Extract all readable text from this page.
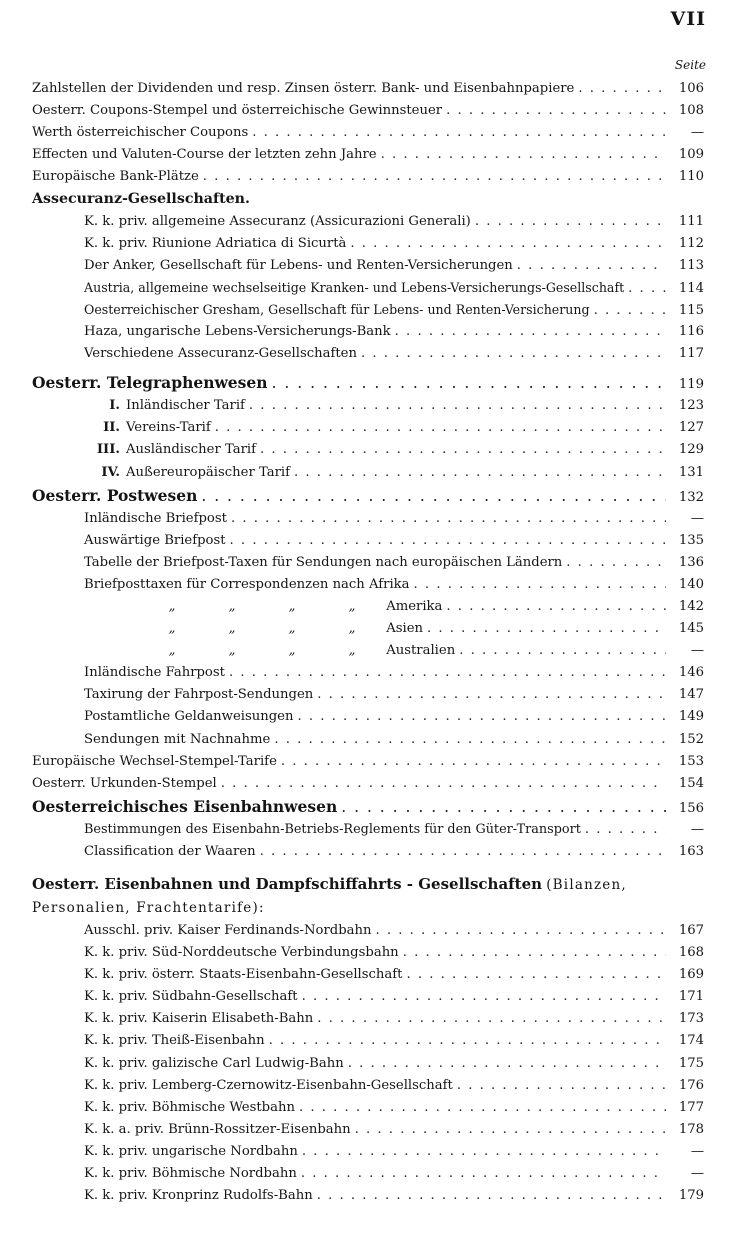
VII
Seite
Zahlstellen der Dividenden und resp. Zinsen österr. Bank- und Eisenbahnpapiere . . .	106
Oesterr. Coupons-Stempel und österreichische Gewinnsteuer . . .	108
Werth österreichischer Coupons . . .	—
Effecten und Valuten-Course der letzten zehn Jahre . . .	109
Europäische Bank-Plätze . . .	110
Assecuranz-Gesellschaften.
K. k. priv. allgemeine Assecuranz (Assicurazioni Generali) . . .	111
K. k. priv. Riunione Adriatica di Sicurtà . . .	112
Der Anker, Gesellschaft für Lebens- und Renten-Versicherungen . . .	113
Austria, allgemeine wechselseitige Kranken- und Lebens-Versicherungs-Gesellschaft . . .	114
Oesterreichischer Gresham, Gesellschaft für Lebens- und Renten-Versicherung . . .	115
Haza, ungarische Lebens-Versicherungs-Bank . . .	116
Verschiedene Assecuranz-Gesellschaften . . .	117
Oesterr. Telegraphenwesen . . .	119
I. Inländischer Tarif . . .	123
II. Vereins-Tarif . . .	127
III. Ausländischer Tarif . . .	129
IV. Außereuropäischer Tarif . . .	131
Oesterr. Postwesen . . .	132
Inländische Briefpost . . .	—
Auswärtige Briefpost . . .	135
Tabelle der Briefpost-Taxen für Sendungen nach europäischen Ländern . . .	136
Briefposttaxen für Correspondenzen nach Afrika . . .	140
„	„	„	„ Amerika . . .	142
„	„	„	„ Asien . . .	145
„	„	„	„ Australien . . .	—
Inländische Fahrpost . . .	146
Taxirung der Fahrpost-Sendungen . . .	147
Postamtliche Geldanweisungen . . .	149
Sendungen mit Nachnahme . . .	152
Europäische Wechsel-Stempel-Tarife . . .	153
Oesterr. Urkunden-Stempel . . .	154
Oesterreichisches Eisenbahnwesen . . .	156
Bestimmungen des Eisenbahn-Betriebs-Reglements für den Güter-Transport . . .	—
Classification der Waaren . . .	163
Oesterr. Eisenbahnen und Dampfschiffahrts - Gesellschaften (Bilanzen, Personalien, Frachtentarife):
Ausschl. priv. Kaiser Ferdinands-Nordbahn . . .	167
K. k. priv. Süd-Norddeutsche Verbindungsbahn . . .	168
K. k. priv. österr. Staats-Eisenbahn-Gesellschaft . . .	169
K. k. priv. Südbahn-Gesellschaft . . .	171
K. k. priv. Kaiserin Elisabeth-Bahn . . .	173
K. k. priv. Theiß-Eisenbahn . . .	174
K. k. priv. galizische Carl Ludwig-Bahn . . .	175
K. k. priv. Lemberg-Czernowitz-Eisenbahn-Gesellschaft . . .	176
K. k. priv. Böhmische Westbahn . . .	177
K. k. a. priv. Brünn-Rossitzer-Eisenbahn . . .	178
K. k. priv. ungarische Nordbahn . . .	—
K. k. priv. Böhmische Nordbahn . . .	—
K. k. priv. Kronprinz Rudolfs-Bahn . . .	179
